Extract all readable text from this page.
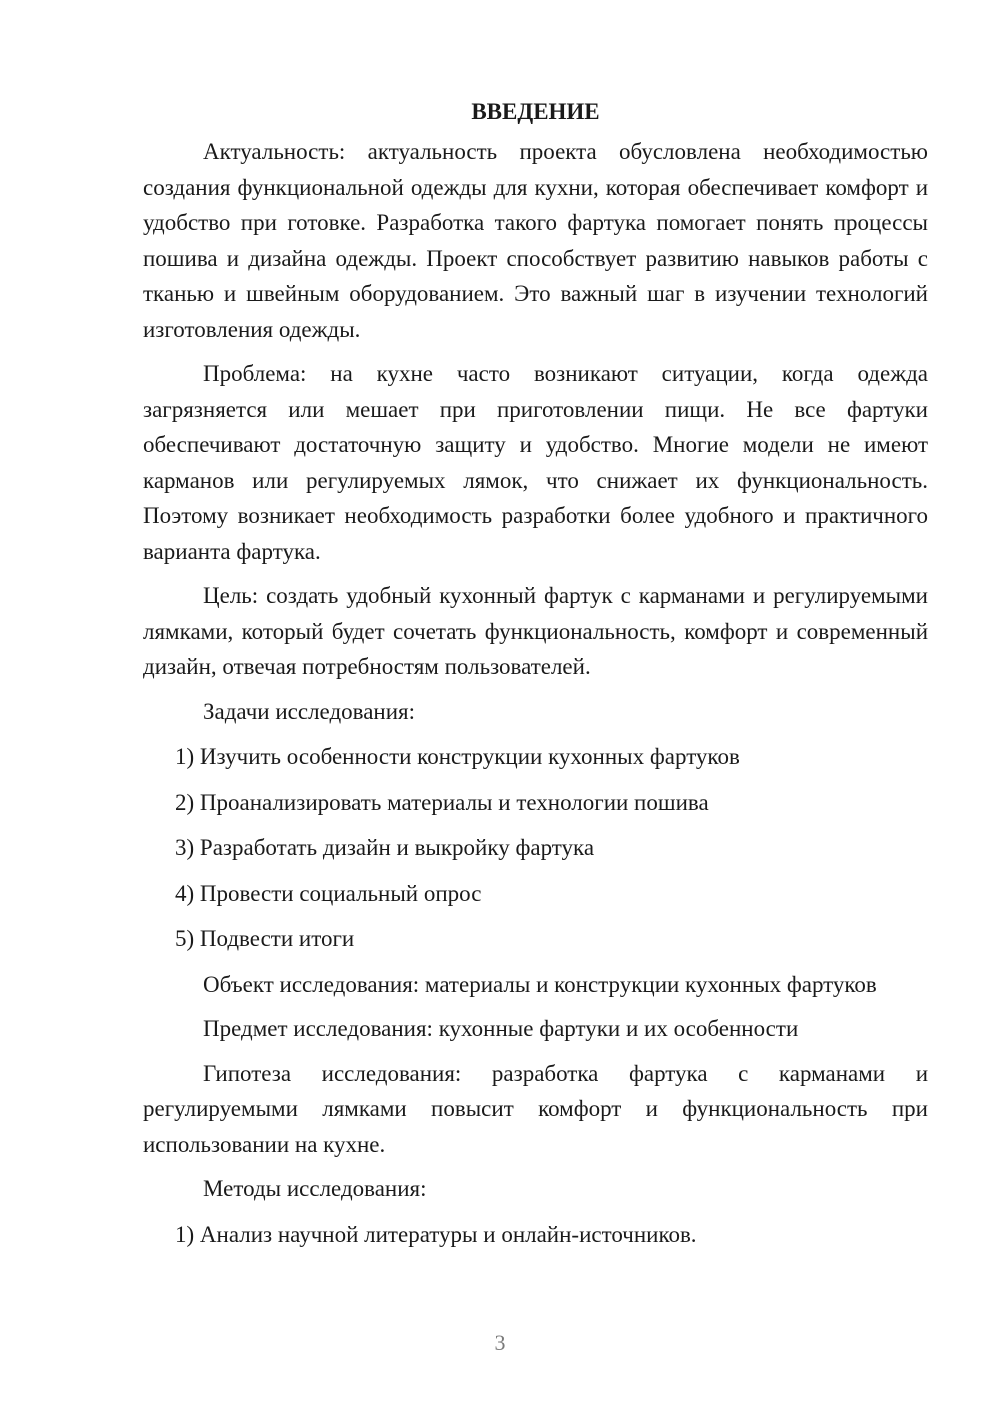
ВВЕДЕНИЕ

Актуальность: актуальность проекта обусловлена необходимостью создания функциональной одежды для кухни, которая обеспечивает комфорт и удобство при готовке. Разработка такого фартука помогает понять процессы пошива и дизайна одежды. Проект способствует развитию навыков работы с тканью и швейным оборудованием. Это важный шаг в изучении технологий изготовления одежды.

Проблема: на кухне часто возникают ситуации, когда одежда загрязняется или мешает при приготовлении пищи. Не все фартуки обеспечивают достаточную защиту и удобство. Многие модели не имеют карманов или регулируемых лямок, что снижает их функциональность. Поэтому возникает необходимость разработки более удобного и практичного варианта фартука.

Цель: создать удобный кухонный фартук с карманами и регулируемыми лямками, который будет сочетать функциональность, комфорт и современный дизайн, отвечая потребностям пользователей.

Задачи исследования:

1) Изучить особенности конструкции кухонных фартуков

2) Проанализировать материалы и технологии пошива

3) Разработать дизайн и выкройку фартука

4) Провести социальный опрос

5) Подвести итоги

Объект исследования: материалы и конструкции кухонных фартуков

Предмет исследования: кухонные фартуки и их особенности

Гипотеза исследования: разработка фартука с карманами и регулируемыми лямками повысит комфорт и функциональность при использовании на кухне.

Методы исследования:

1) Анализ научной литературы и онлайн-источников.

3
